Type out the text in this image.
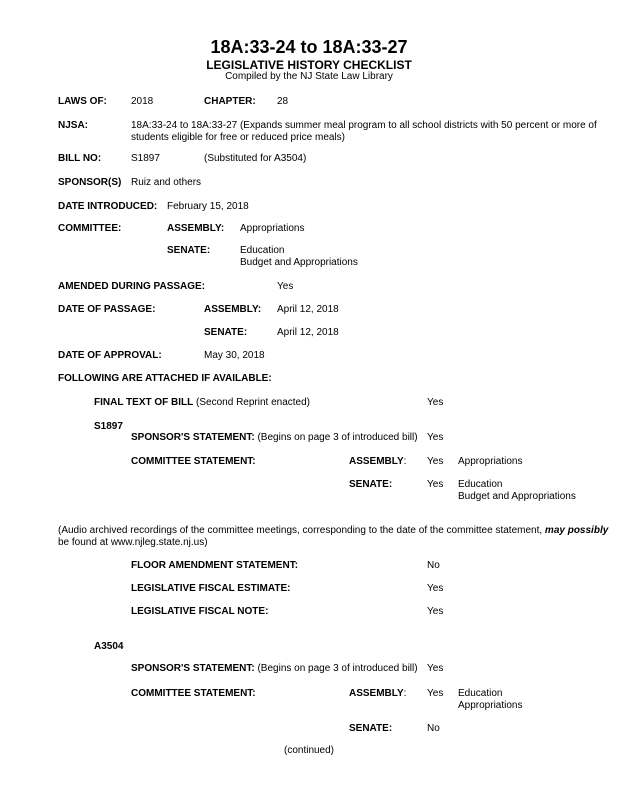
18A:33-24 to 18A:33-27
LEGISLATIVE HISTORY CHECKLIST
Compiled by the NJ State Law Library
LAWS OF: 2018	CHAPTER: 28
NJSA:	18A:33-24 to 18A:33-27 (Expands summer meal program to all school districts with 50 percent or more of
students eligible for free or reduced price meals)
BILL NO:	S1897	(Substituted for A3504)
SPONSOR(S) Ruiz and others
DATE INTRODUCED: February 15, 2018
COMMITTEE:	ASSEMBLY: Appropriations
SENATE:	Education
Budget and Appropriations
AMENDED DURING PASSAGE:	Yes
DATE OF PASSAGE:	ASSEMBLY: April 12, 2018
SENATE:	April 12, 2018
DATE OF APPROVAL:	May 30, 2018
FOLLOWING ARE ATTACHED IF AVAILABLE:
FINAL TEXT OF BILL (Second Reprint enacted)	Yes
S1897
SPONSOR'S STATEMENT: (Begins on page 3 of introduced bill) Yes
COMMITTEE STATEMENT:	ASSEMBLY: Yes Appropriations
SENATE:	Yes Education
Budget and Appropriations
(Audio archived recordings of the committee meetings, corresponding to the date of the committee statement, may possibly
be found at www.njleg.state.nj.us)
FLOOR AMENDMENT STATEMENT:	No
LEGISLATIVE FISCAL ESTIMATE:	Yes
LEGISLATIVE FISCAL NOTE:	Yes
A3504
SPONSOR'S STATEMENT: (Begins on page 3 of introduced bill) Yes
COMMITTEE STATEMENT:	ASSEMBLY: Yes Education
Appropriations
SENATE:	No
(continued)
